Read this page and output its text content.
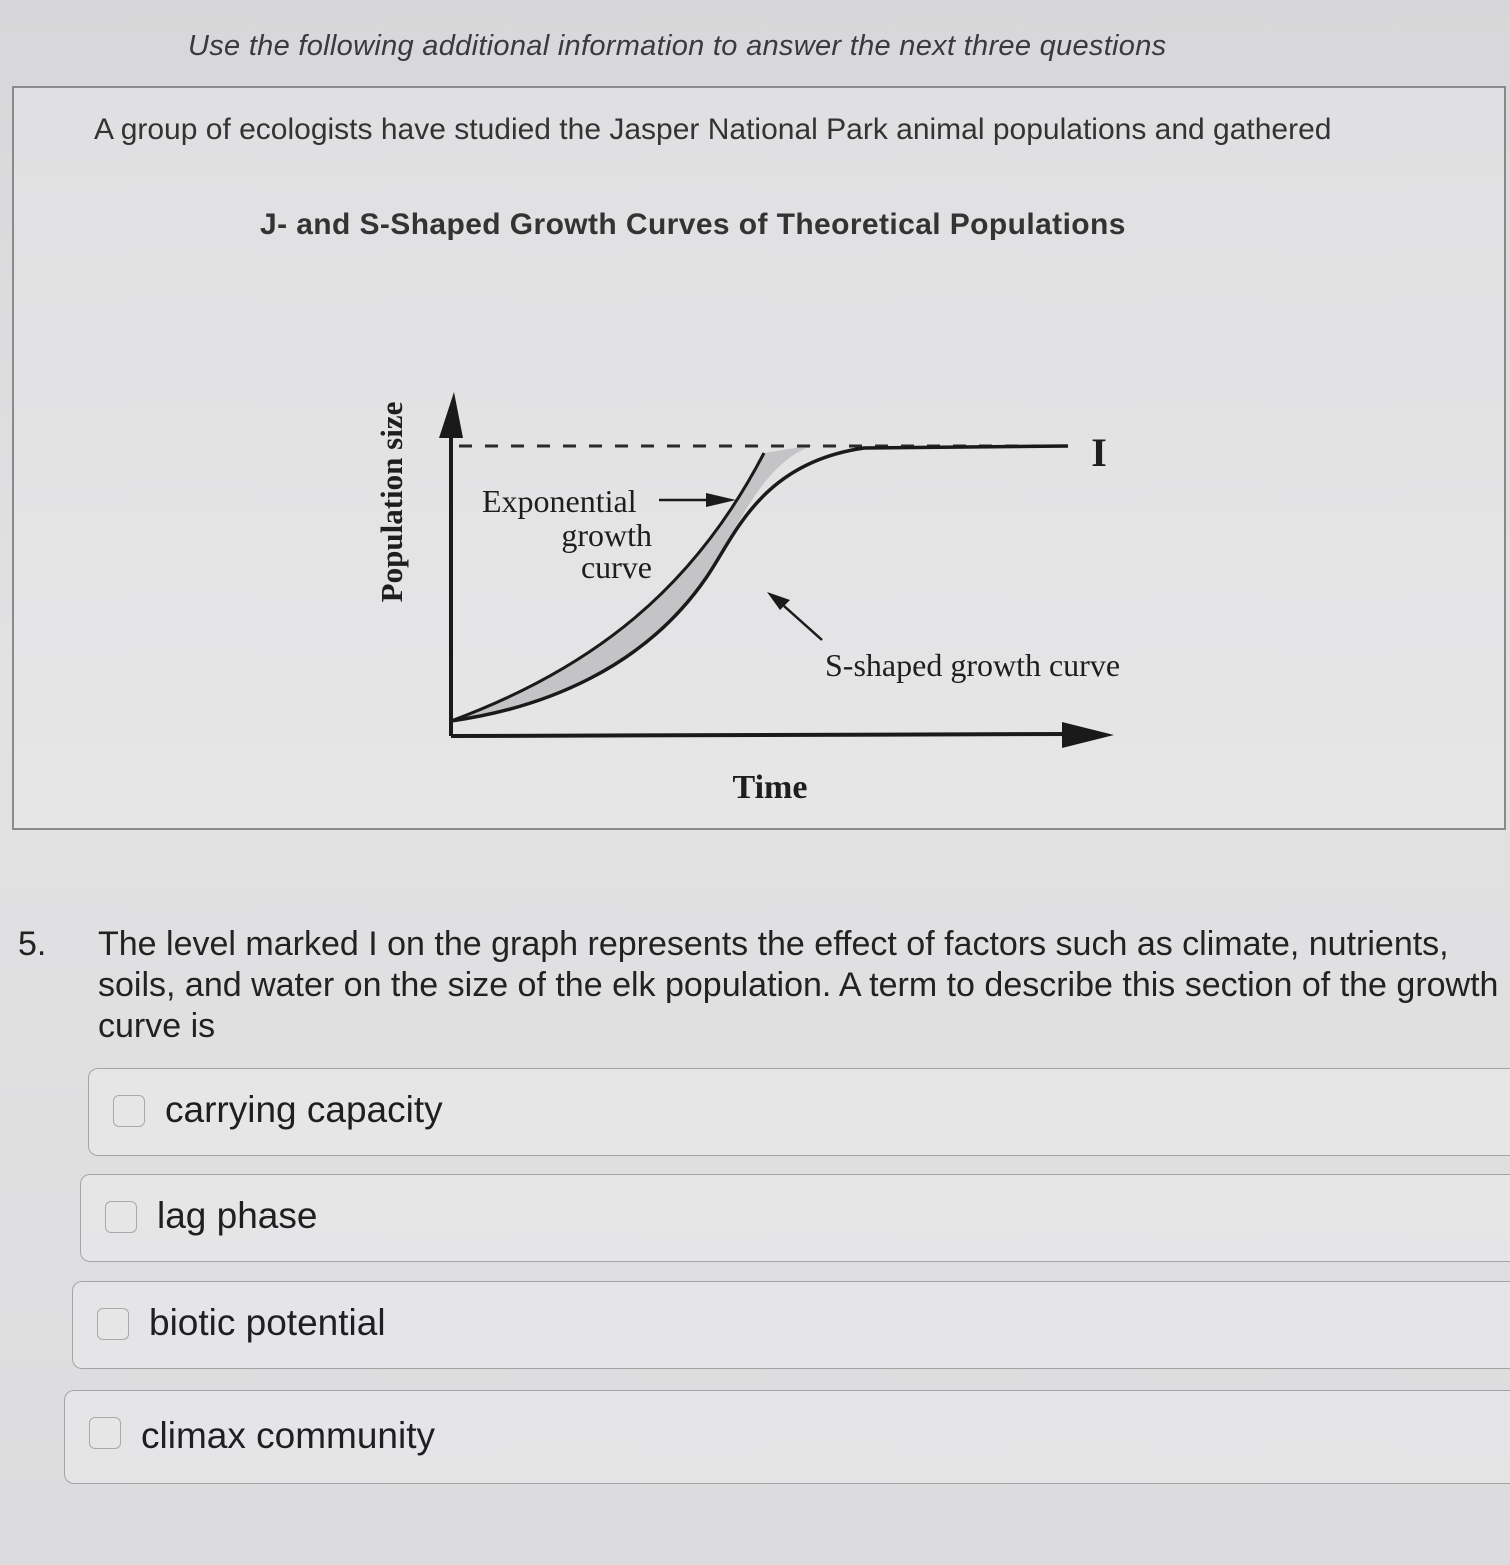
Use the following additional information to answer the next three questions
A group of ecologists have studied the Jasper National Park animal populations and gathered
J- and S-Shaped Growth Curves of Theoretical Populations
Population size	I
Exponential
growth
curve
S-shaped growth curve
Time
5. The level marked I on the graph represents the effect of factors such as climate, nutrients, soils, and water on the size of the elk population. A term to describe this section of the growth curve is
carrying capacity
lag phase
biotic potential
climax community
